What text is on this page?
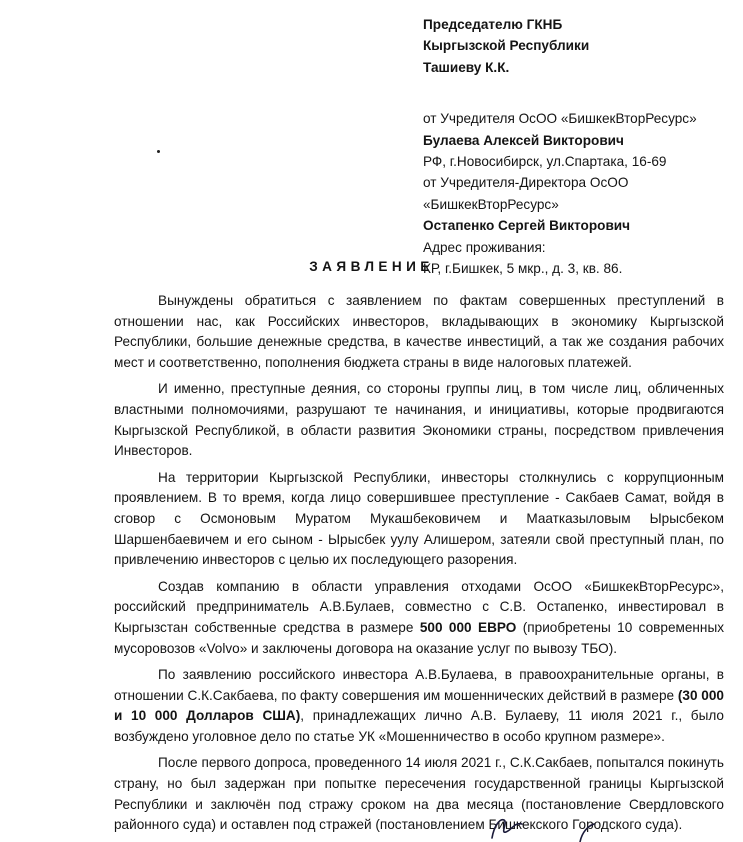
Председателю ГКНБ
Кыргызской Республики
Ташиеву К.К.
от Учредителя ОсОО «БишкекВторРесурс»
Булаева Алексей Викторович
РФ, г.Новосибирск, ул.Спартака, 16-69
от Учредителя-Директора ОсОО
«БишкекВторРесурс»
Остапенко Сергей Викторович
Адрес проживания:
КР, г.Бишкек, 5 мкр., д. 3, кв. 86.
ЗАЯВЛЕНИЕ

Вынуждены обратиться с заявлением по фактам совершенных преступлений в отношении нас, как Российских инвесторов, вкладывающих в экономику Кыргызской Республики, большие денежные средства, в качестве инвестиций, а так же создания рабочих мест и соответственно, пополнения бюджета страны в виде налоговых платежей.

И именно, преступные деяния, со стороны группы лиц, в том числе лиц, обличенных властными полномочиями, разрушают те начинания, и инициативы, которые продвигаются Кыргызской Республикой, в области развития Экономики страны, посредством привлечения Инвесторов.

На территории Кыргызской Республики, инвесторы столкнулись с коррупционным проявлением. В то время, когда лицо совершившее преступление - Сакбаев Самат, войдя в сговор с Осмоновым Муратом Мукашбековичем и Маатказыловым Ырысбеком Шаршенбаевичем и его сыном - Ырысбек уулу Алишером, затеяли свой преступный план, по привлечению инвесторов с целью их последующего разорения.

Создав компанию в области управления отходами ОсОО «БишкекВторРесурс», российский предприниматель А.В.Булаев, совместно с С.В. Остапенко, инвестировал в Кыргызстан собственные средства в размере 500 000 ЕВРО (приобретены 10 современных мусоровозов «Volvo» и заключены договора на оказание услуг по вывозу ТБО).

По заявлению российского инвестора А.В.Булаева, в правоохранительные органы, в отношении С.К.Сакбаева, по факту совершения им мошеннических действий в размере (30 000 и 10 000 Долларов США), принадлежащих лично А.В. Булаеву, 11 июля 2021 г., было возбуждено уголовное дело по статье УК «Мошенничество в особо крупном размере».

После первого допроса, проведенного 14 июля 2021 г., С.К.Сакбаев, попытался покинуть страну, но был задержан при попытке пересечения государственной границы Кыргызской Республики и заключён под стражу сроком на два месяца (постановление Свердловского районного суда) и оставлен под стражей (постановлением Бишкекского Городского суда).
